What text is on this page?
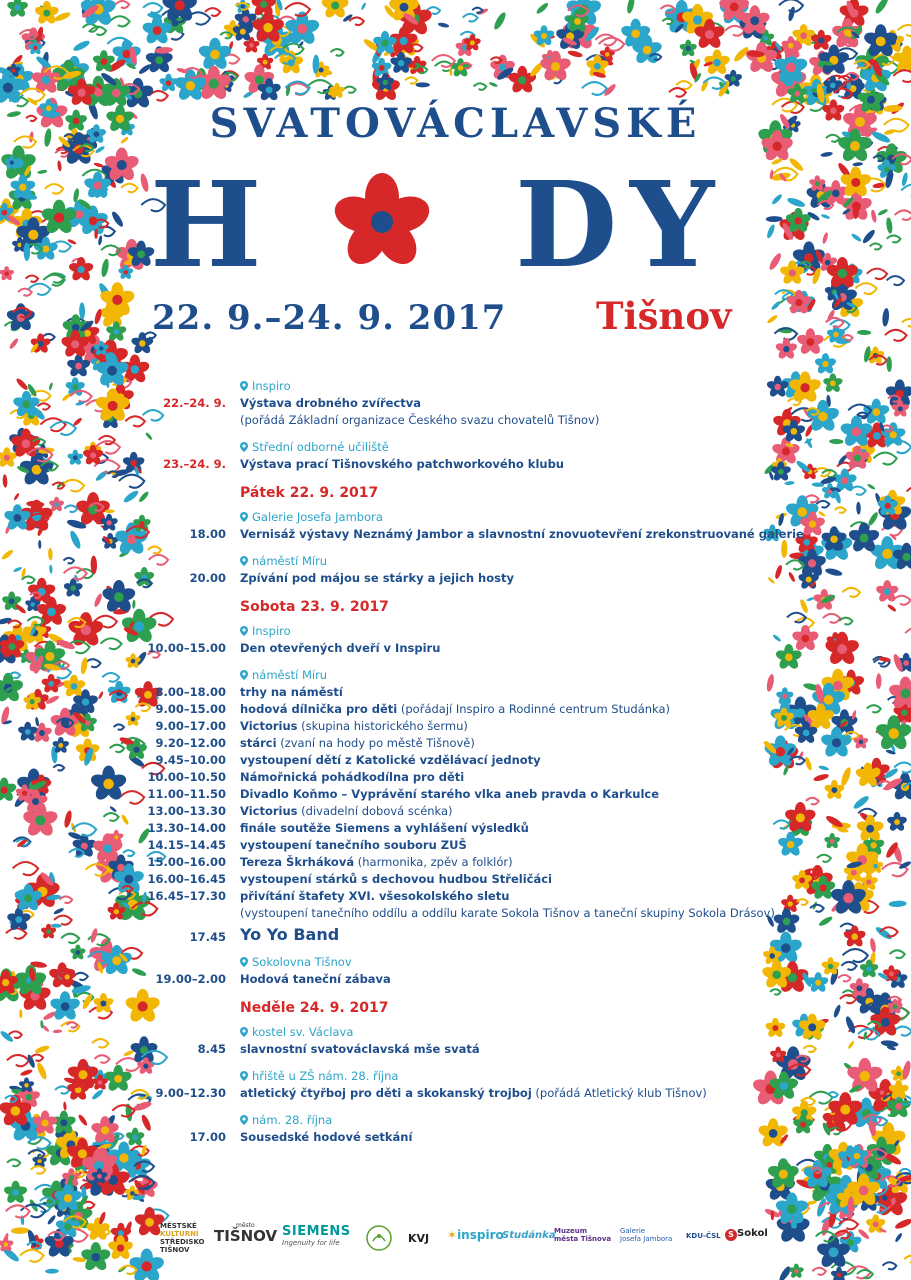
SVATOVÁCLAVSKÉ
H D Y
22. 9.–24. 9. 2017 Tišnov
Inspiro
22.–24. 9. Výstava drobného zvířectva
(pořádá Základní organizace Českého svazu chovatelů Tišnov)
Střední odborné učiliště
23.–24. 9. Výstava prací Tišnovského patchworkového klubu
Pátek 22. 9. 2017
Galerie Josefa Jambora
18.00 Vernisáž výstavy Neznámý Jambor a slavnostní znovuotevření zrekonstruované galerie
náměstí Míru
20.00 Zpívání pod májou se stárky a jejich hosty
Sobota 23. 9. 2017
Inspiro
10.00–15.00 Den otevřených dveří v Inspiru
náměstí Míru
8.00–18.00 trhy na náměstí
9.00–15.00 hodová dílnička pro děti (pořádají Inspiro a Rodinné centrum Studánka)
9.00–17.00 Victorius (skupina historického šermu)
9.20–12.00 stárci (zvaní na hody po městě Tišnově)
9.45–10.00 vystoupení dětí z Katolické vzdělávací jednoty
10.00–10.50 Námořnická pohádkodílna pro děti
11.00–11.50 Divadlo Koňmo – Vyprávění starého vlka aneb pravda o Karkulce
13.00–13.30 Victorius (divadelní dobová scénka)
13.30–14.00 finále soutěže Siemens a vyhlášení výsledků
14.15–14.45 vystoupení tanečního souboru ZUŠ
15.00–16.00 Tereza Škrháková (harmonika, zpěv a folklór)
16.00–16.45 vystoupení stárků s dechovou hudbou Střeličáci
16.45–17.30 přivítání štafety XVI. všesokolského sletu
(vystoupení tanečního oddílu a oddílu karate Sokola Tišnov a taneční skupiny Sokola Drásov)
17.45 Yo Yo Band
Sokolovna Tišnov
19.00–2.00 Hodová taneční zábava
Neděle 24. 9. 2017
kostel sv. Václava
8.45 slavnostní svatováclavská mše svatá
hřiště u ZŠ nám. 28. října
9.00–12.30 atletický čtyřboj pro děti a skokanský trojboj (pořádá Atletický klub Tišnov)
nám. 28. října
17.00 Sousedské hodové setkání
MĚSTSKÉ
KULTURNÍ
STŘEDISKO
TIŠNOV
město
TIŠNOV SIEMENS
Ingenuity for life	KVJ ✶inspiro
Studánka
Muzeum
města Tišnova
Galerie
Josefa Jambora KDU-ČSL S Sokol
